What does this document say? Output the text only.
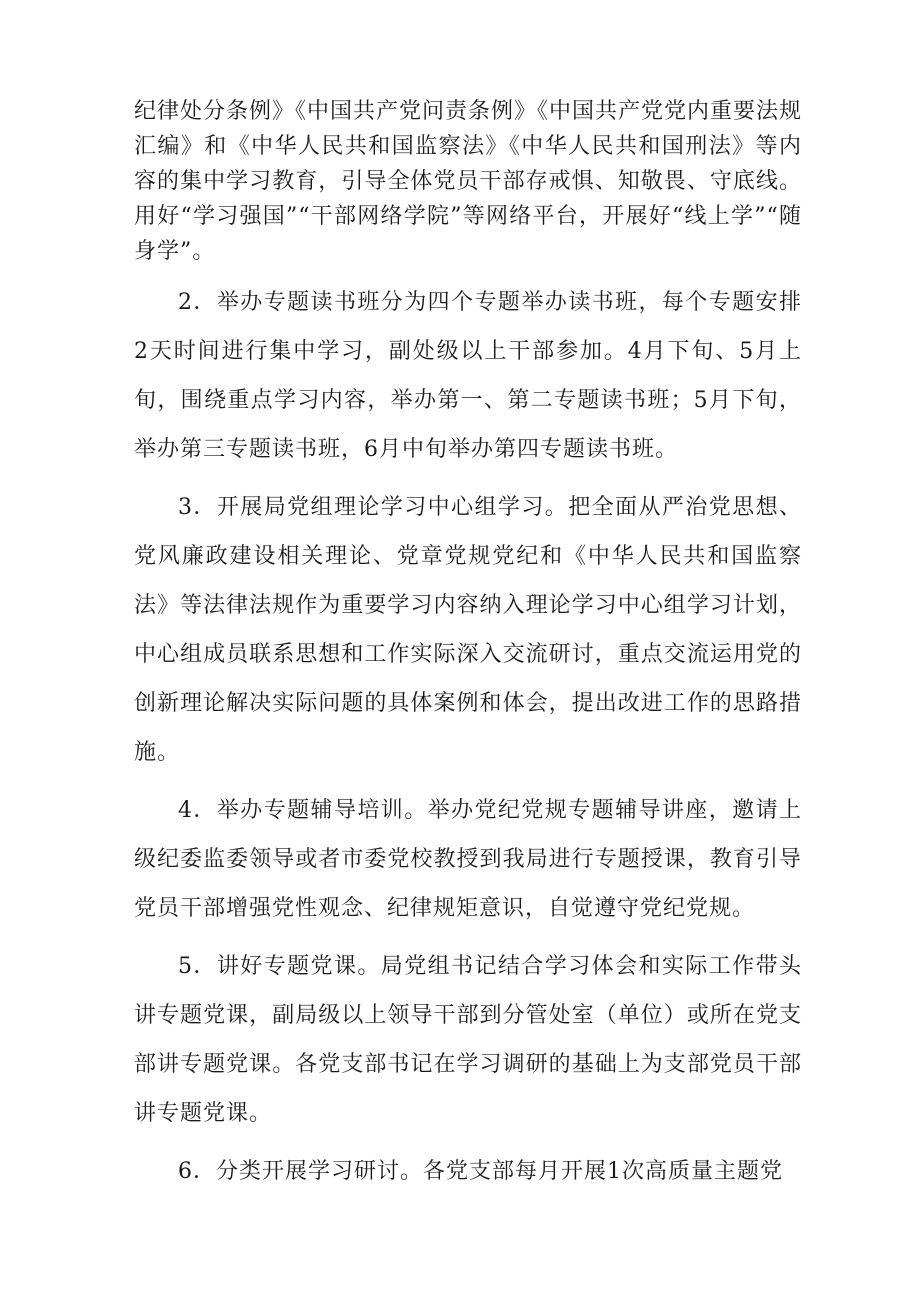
纪律处分条例》《中国共产党问责条例》《中国共产党党内重要法规汇编》和《中华人民共和国监察法》《中华人民共和国刑法》等内容的集中学习教育，引导全体党员干部存戒惧、知敬畏、守底线。用好“学习强国”“干部网络学院”等网络平台，开展好“线上学”“随身学”。

2．举办专题读书班分为四个专题举办读书班，每个专题安排2天时间进行集中学习，副处级以上干部参加。4月下旬、5月上旬，围绕重点学习内容，举办第一、第二专题读书班；5月下旬，举办第三专题读书班，6月中旬举办第四专题读书班。

3．开展局党组理论学习中心组学习。把全面从严治党思想、党风廉政建设相关理论、党章党规党纪和《中华人民共和国监察法》等法律法规作为重要学习内容纳入理论学习中心组学习计划，中心组成员联系思想和工作实际深入交流研讨，重点交流运用党的创新理论解决实际问题的具体案例和体会，提出改进工作的思路措施。

4．举办专题辅导培训。举办党纪党规专题辅导讲座，邀请上级纪委监委领导或者市委党校教授到我局进行专题授课，教育引导党员干部增强党性观念、纪律规矩意识，自觉遵守党纪党规。

5．讲好专题党课。局党组书记结合学习体会和实际工作带头讲专题党课，副局级以上领导干部到分管处室（单位）或所在党支部讲专题党课。各党支部书记在学习调研的基础上为支部党员干部讲专题党课。

6．分类开展学习研讨。各党支部每月开展1次高质量主题党
